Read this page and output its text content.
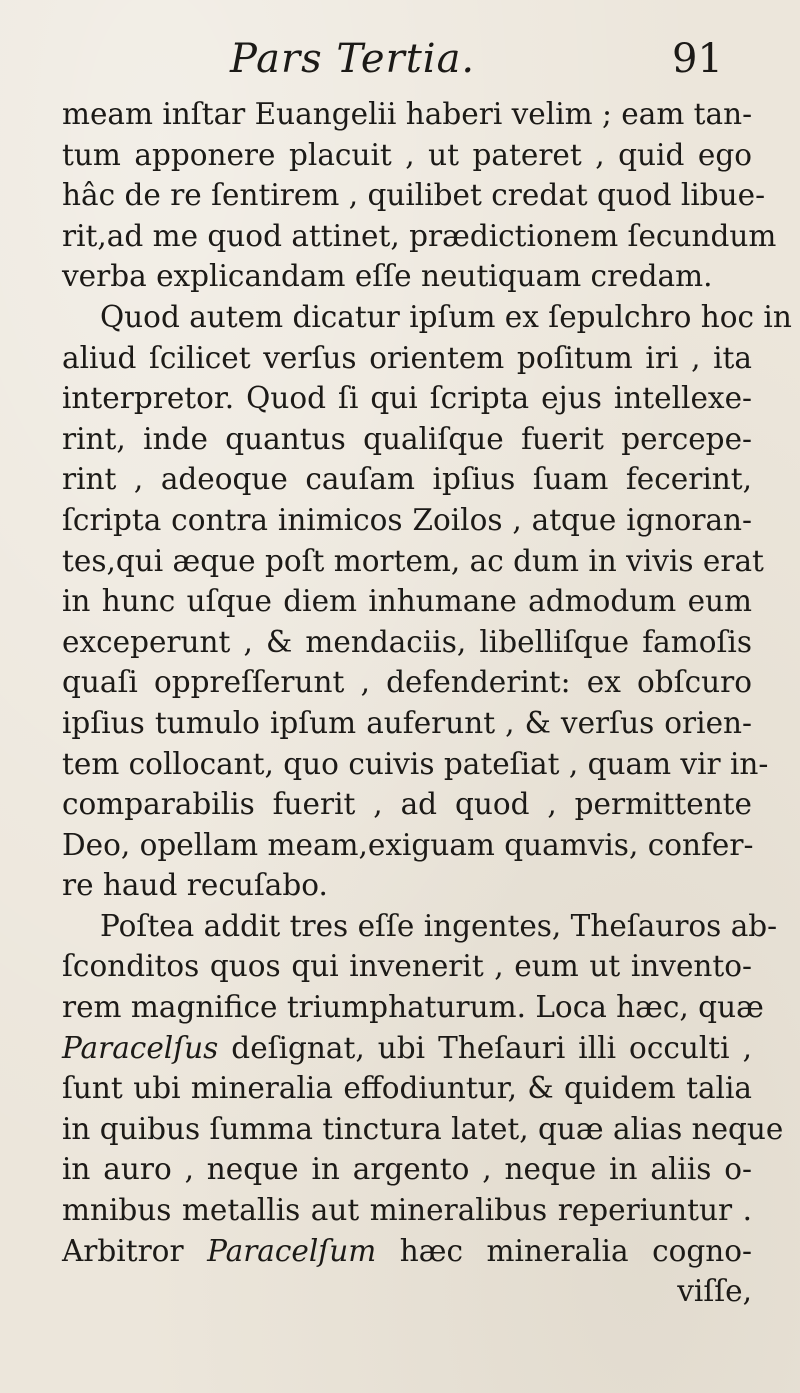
Pars Tertia.	91
meam inſtar Euangelii haberi velim ; eam tan-
tum apponere placuit , ut pateret , quid ego
hâc de re ſentirem , quilibet credat quod libue-
rit,ad me quod attinet, prædictionem ſecundum
verba explicandam eſſe neutiquam credam.
Quod autem dicatur ipſum ex ſepulchro hoc in
aliud ſcilicet verſus orientem poſitum iri , ita
interpretor. Quod ſi qui ſcripta ejus intellexe-
rint, inde quantus qualiſque fuerit percepe-
rint , adeoque cauſam ipſius ſuam fecerint,
ſcripta contra inimicos Zoilos , atque ignoran-
tes,qui æque poſt mortem, ac dum in vivis erat
in hunc uſque diem inhumane admodum eum
exceperunt , & mendaciis, libelliſque famoſis
quaſi oppreſſerunt , defenderint: ex obſcuro
ipſius tumulo ipſum auferunt , & verſus orien-
tem collocant, quo cuivis pateſiat , quam vir in-
comparabilis fuerit , ad quod , permittente
Deo, opellam meam,exiguam quamvis, confer-
re haud recuſabo.
Poſtea addit tres eſſe ingentes, Theſauros ab-
ſconditos quos qui invenerit , eum ut invento-
rem magnifice triumphaturum. Loca hæc, quæ
Paracelſus deſignat, ubi Theſauri illi occulti ,
ſunt ubi mineralia effodiuntur, & quidem talia
in quibus ſumma tinctura latet, quæ alias neque
in auro , neque in argento , neque in aliis o-
mnibus metallis aut mineralibus reperiuntur .
Arbitror Paracelſum hæc mineralia cogno-
viſſe,
